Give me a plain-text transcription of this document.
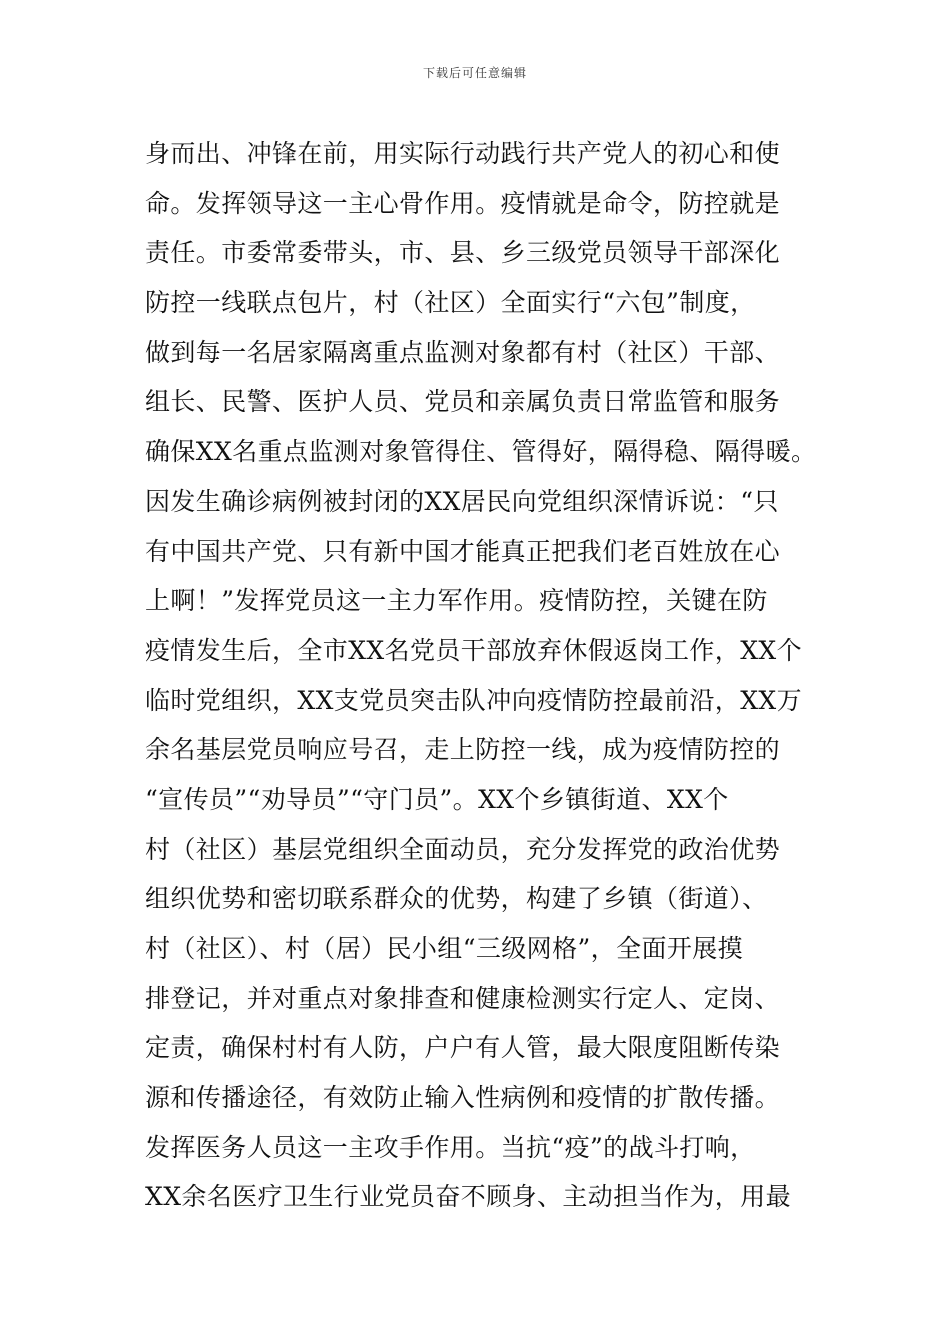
下载后可任意编辑
身而出、冲锋在前，用实际行动践行共产党人的初心和使
命。发挥领导这一主心骨作用。疫情就是命令，防控就是
责任。市委常委带头，市、县、乡三级党员领导干部深化
防控一线联点包片，村（社区）全面实行“六包”制度，
做到每一名居家隔离重点监测对象都有村（社区）干部、
组长、民警、医护人员、党员和亲属负责日常监管和服务
确保XX名重点监测对象管得住、管得好，隔得稳、隔得暖。
因发生确诊病例被封闭的XX居民向党组织深情诉说：“只
有中国共产党、只有新中国才能真正把我们老百姓放在心
上啊！”发挥党员这一主力军作用。疫情防控，关键在防
疫情发生后，全市XX名党员干部放弃休假返岗工作，XX个
临时党组织，XX支党员突击队冲向疫情防控最前沿，XX万
余名基层党员响应号召，走上防控一线，成为疫情防控的
“宣传员”“劝导员”“守门员”。XX个乡镇街道、XX个
村（社区）基层党组织全面动员，充分发挥党的政治优势
组织优势和密切联系群众的优势，构建了乡镇（街道）、
村（社区）、村（居）民小组“三级网格”，全面开展摸
排登记，并对重点对象排查和健康检测实行定人、定岗、
定责，确保村村有人防，户户有人管，最大限度阻断传染
源和传播途径，有效防止输入性病例和疫情的扩散传播。
发挥医务人员这一主攻手作用。当抗“疫”的战斗打响，
XX余名医疗卫生行业党员奋不顾身、主动担当作为，用最
